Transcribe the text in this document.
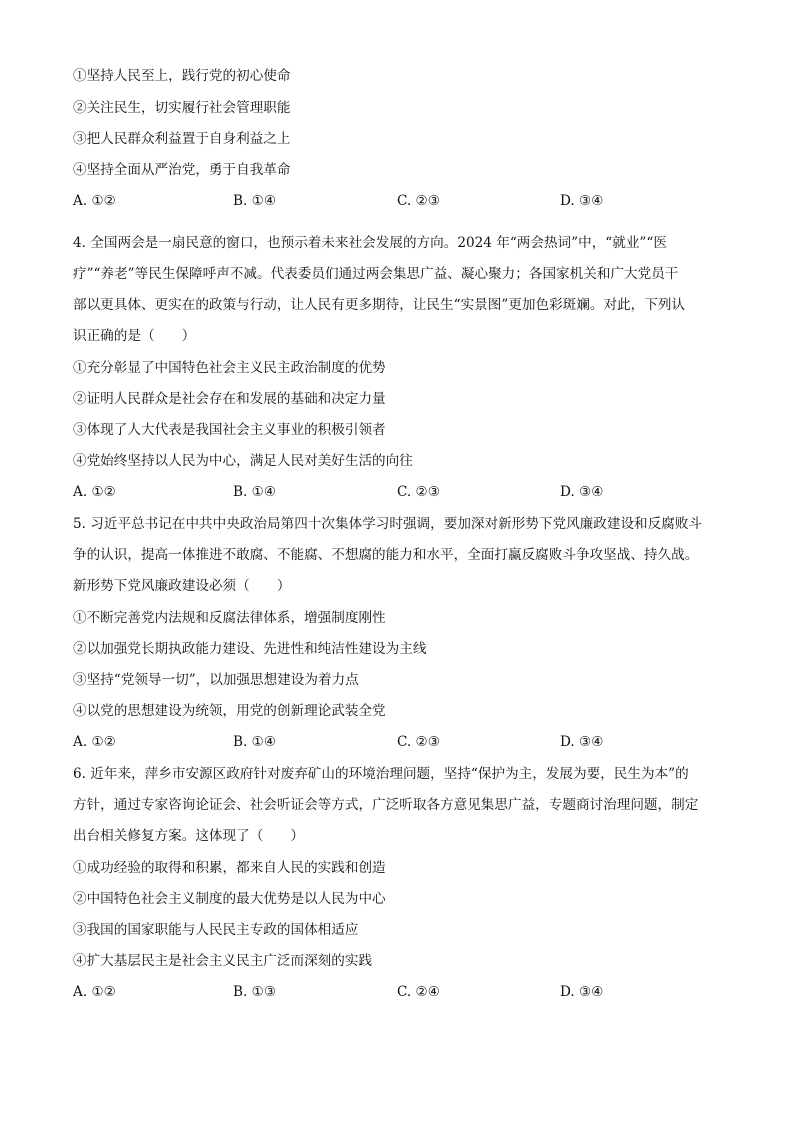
①坚持人民至上，践行党的初心使命
②关注民生，切实履行社会管理职能
③把人民群众利益置于自身利益之上
④坚持全面从严治党，勇于自我革命
A. ①②	B. ①④	C. ②③	D. ③④
4. 全国两会是一扇民意的窗口，也预示着未来社会发展的方向。2024 年“两会热词”中，“就业”“医
疗”“养老”等民生保障呼声不减。代表委员们通过两会集思广益、凝心聚力；各国家机关和广大党员干
部以更具体、更实在的政策与行动，让人民有更多期待，让民生“实景图”更加色彩斑斓。对此，下列认
识正确的是（　　）
①充分彰显了中国特色社会主义民主政治制度的优势
②证明人民群众是社会存在和发展的基础和决定力量
③体现了人大代表是我国社会主义事业的积极引领者
④党始终坚持以人民为中心，满足人民对美好生活的向往
A. ①②	B. ①④	C. ②③	D. ③④
5. 习近平总书记在中共中央政治局第四十次集体学习时强调，要加深对新形势下党风廉政建设和反腐败斗
争的认识，提高一体推进不敢腐、不能腐、不想腐的能力和水平，全面打赢反腐败斗争攻坚战、持久战。
新形势下党风廉政建设必须（　　）
①不断完善党内法规和反腐法律体系，增强制度刚性
②以加强党长期执政能力建设、先进性和纯洁性建设为主线
③坚持“党领导一切”，以加强思想建设为着力点
④以党的思想建设为统领，用党的创新理论武装全党
A. ①②	B. ①④	C. ②③	D. ③④
6. 近年来，萍乡市安源区政府针对废弃矿山的环境治理问题，坚持“保护为主，发展为要，民生为本”的
方针，通过专家咨询论证会、社会听证会等方式，广泛听取各方意见集思广益，专题商讨治理问题，制定
出台相关修复方案。这体现了（　　）
①成功经验的取得和积累，都来自人民的实践和创造
②中国特色社会主义制度的最大优势是以人民为中心
③我国的国家职能与人民民主专政的国体相适应
④扩大基层民主是社会主义民主广泛而深刻的实践
A. ①②	B. ①③	C. ②④	D. ③④
